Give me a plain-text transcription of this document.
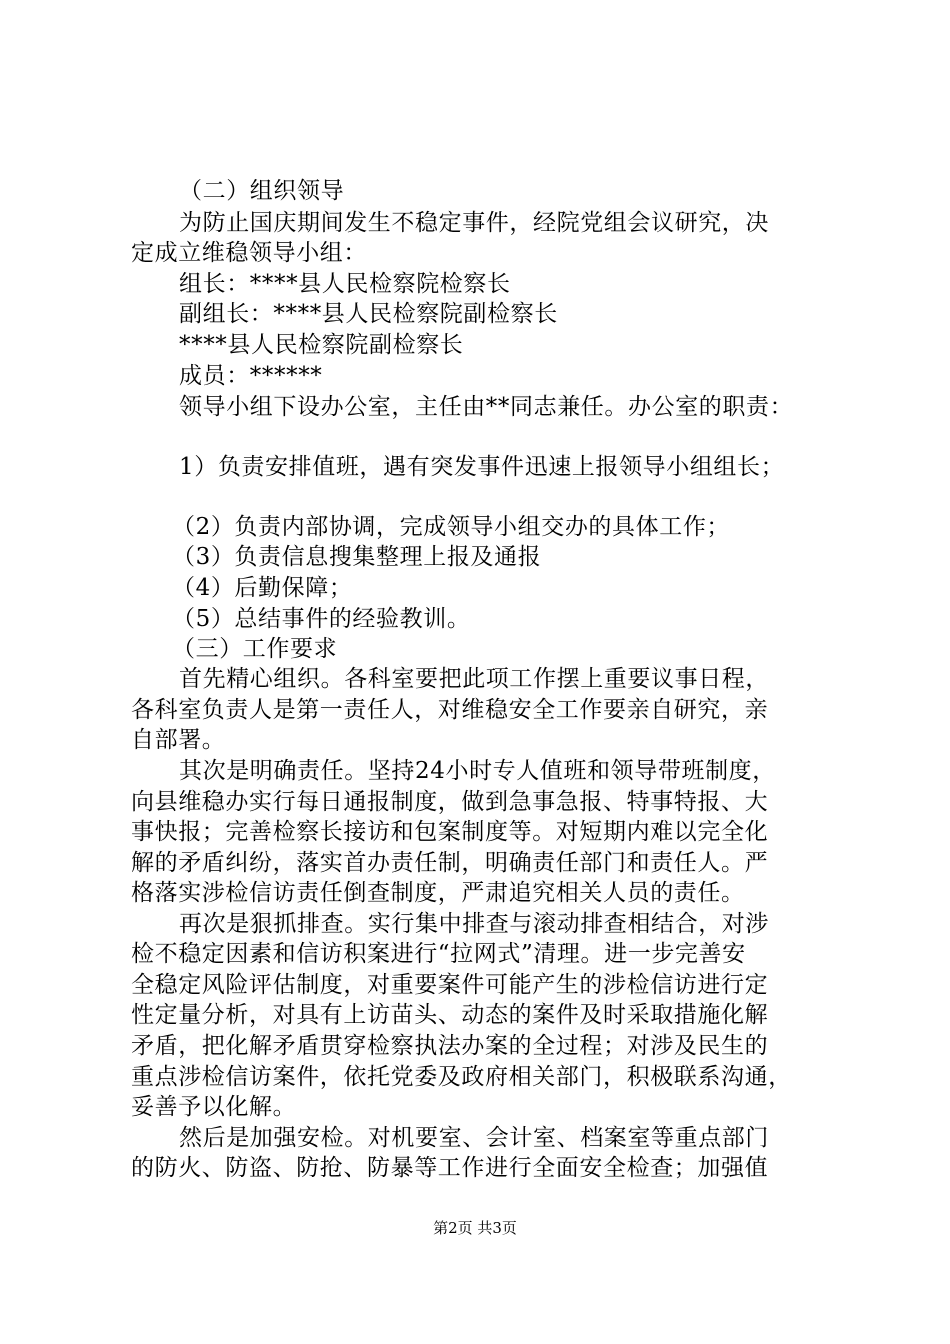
（二）组织领导
为防止国庆期间发生不稳定事件，经院党组会议研究，决
定成立维稳领导小组：
组长：****县人民检察院检察长
副组长：****县人民检察院副检察长
****县人民检察院副检察长
成员：******
领导小组下设办公室，主任由**同志兼任。办公室的职责：
1）负责安排值班，遇有突发事件迅速上报领导小组组长；
（2）负责内部协调，完成领导小组交办的具体工作；
（3）负责信息搜集整理上报及通报
（4）后勤保障；
（5）总结事件的经验教训。
（三）工作要求
首先精心组织。各科室要把此项工作摆上重要议事日程，
各科室负责人是第一责任人，对维稳安全工作要亲自研究，亲
自部署。
其次是明确责任。坚持24小时专人值班和领导带班制度，
向县维稳办实行每日通报制度，做到急事急报、特事特报、大
事快报；完善检察长接访和包案制度等。对短期内难以完全化
解的矛盾纠纷，落实首办责任制，明确责任部门和责任人。严
格落实涉检信访责任倒查制度，严肃追究相关人员的责任。
再次是狠抓排查。实行集中排查与滚动排查相结合，对涉
检不稳定因素和信访积案进行“拉网式”清理。进一步完善安
全稳定风险评估制度，对重要案件可能产生的涉检信访进行定
性定量分析，对具有上访苗头、动态的案件及时采取措施化解
矛盾，把化解矛盾贯穿检察执法办案的全过程；对涉及民生的
重点涉检信访案件，依托党委及政府相关部门，积极联系沟通，
妥善予以化解。
然后是加强安检。对机要室、会计室、档案室等重点部门
的防火、防盗、防抢、防暴等工作进行全面安全检查；加强值
第2页 共3页
